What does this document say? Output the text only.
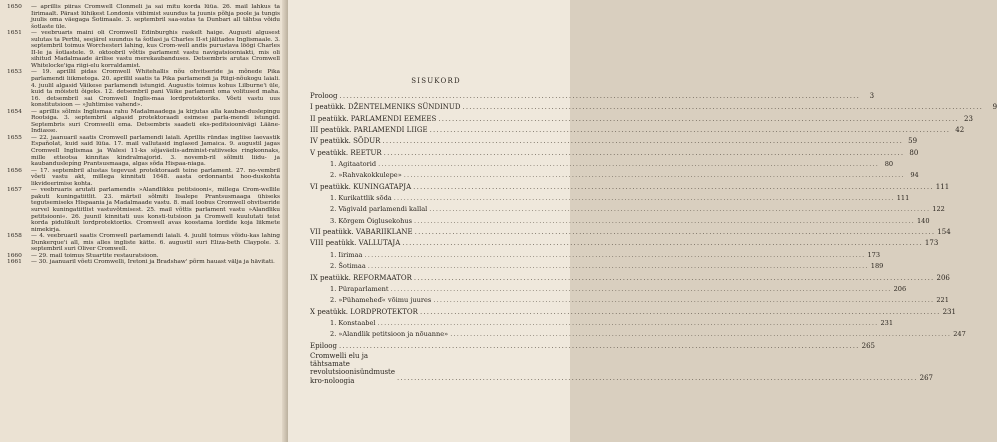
1650 — aprillis piiras Cromwell Clonmeli ja sai mitu korda lüüa. 26. mail lahkus ta Iirimaalt. Pärast lühikest Londonis viibimist suundus ta juunis põhja poole ja tungis juulis oma väegaga Šotimaale. 3. septembril saa-sutas ta Dunbari all tähtsa võidu šotlaste üle.
1651 — veebruaris maini oli Cromwell Edinburghis raskelt haige. Augusti algusest sulutas ta Perthi, seejärel suundus ta šotlasi ja Charles II-st jälitades Inglismaale. 3. septembril toimus Worchesteri lahing, kus Crom-well andis purustava löögi Charles II-le ja šotlastele. 9. oktoobril võttis parlament vastu navigatsiooniakti, mis oli sihitud Madalmaade ärilise vastu merekaubanduses. Detsembris arutas Cromwell Whitelocke'iga riigi-elu korraldamist.
1653 — 19. aprillil pidas Cromwell Whitehallis nõu ohvitseride ja mõnede Pika parlamendi liikmetega. 20. aprillil saatis ta Pika parlamendi ja Riigi-nõukogu laiali. 4. juulil algasid Väikese parlamendi istungid. Augustis toimus kohus Lilburne'i üle, kuid ta mõisteti õigeks. 12. detsembril pani Väike parlament oma volitused maha. 16. detsembril sai Cromwell Inglis-maa lordprotektoriks. Võeti vastu uus konstitutsioon — »Juhtimise vahend».
1654 — aprillis sõlmis Inglismaa rahu Madalmaadega ja kirjutas alla kauban-duslepingu Rootsiga. 3. septembril algasid protektoraadi esimese parla-mendi istungid. Septembris suri Cromwelli ema. Detsembris saadeti eks-peditsioonivägi Lääne-Indiasse.
1655 — 22. jaanuaril saatis Cromwell parlamendi laiali. Aprillis ründas ingliise laevastik Españolat, kuid said lüüa. 17. mail vallutasid inglased Jamaica. 9. augustil jagas Cromwell Inglismaa ja Walesi 11-ks sõjaväelis-administ-ratiivseks ringkonnaks, mille etteotsa kinnitas kindralmajorid. 3. novemb-ril sõlmiti liidu- ja kaubanduslepíng Prantsusmaaga, algas sõda Hispaa-niaga.
1656 — 17. septembril alustas tegevust protektoraadi teine parlament. 27. no-vembril võeti vastu akt, millega kinnitati 1648. aasta ordonnantsi hoo-duskohta likvideerimise kohta.
1657 — veebruaris arutati parlamendis »Alandlikku petitsiooni«, millega Crom-wellile pakuti kuningatiitlit. 23. märtsil sõlmiti lisalepe Prantsusmaaga ühiseks tegutsemiseks Hispaania ja Madalmaade vastu. 8. mail loobus Cromwell ohvitseride survel kuningatiitlist vastuvõtmisest. 25. mail võttis parlament vastu »Alandliku petitsiooni«. 26. juunil kinnitati uus konsti-tutsioon ja Cromwell kuulutati teist korda pidulikult lordprotektoriks. Cromwell avas koostama lordide koja liikmete nimekirja.
1658 — 4. veebruaril saatis Cromwell parlamendi laiali. 4. juulil toimus võidu-kas lahing Dunkerque'i all, mis alles ingliste kätte. 6. augustil suri Eliza-beth Claypole. 3. septembril suri Oliver Cromwell.
1660 — 29. mail toimus Stuartite restauratsioon.
1661 — 30. jaanuaril võeti Cromwelli, Iretoni ja Bradshaw' põrm hauast välja ja hävitati.
SISUKORD
Proloog .....	3
I peatükk. DŽENTELMENIKS SÜNDINUD .....	9
II peatükk. PARLAMENDI EEMEES .....	23
III peatükk. PARLAMENDI LIIGE .....	42
IV peatükk. SÕDUR .....	59
V peatükk. REETUR .....	80
1. Agitaatorid .....	80
2. »Rahvakokkulepe» .....	94
VI peatükk. KUNINGATAPJA .....	111
1. Kurikattlik sõda .....	111
2. Vägivald parlamendi kallal .....	122
3. Kõrgem Õiglusekohus .....	140
VII peatükk. VABARIIKLANE .....	154
VIII peatükk. VALLUTAJA .....	173
1. Iirimaa .....	173
2. Šotimaa .....	189
IX peatükk. REFORMAATOR .....	206
1. Püraparlament .....	206
2. »Pühameheď« võimu juures .....	221
X peatükk. LORDPROTEKTOR .....	231
1. Konstaabel .....	231
2. »Alandlik petitsioon ja nõuanne» .....	247
Epiloog .....	265
Cromwelli elu ja tähtsamate revolutsioonisündmuste kro-noloogia .....	267
